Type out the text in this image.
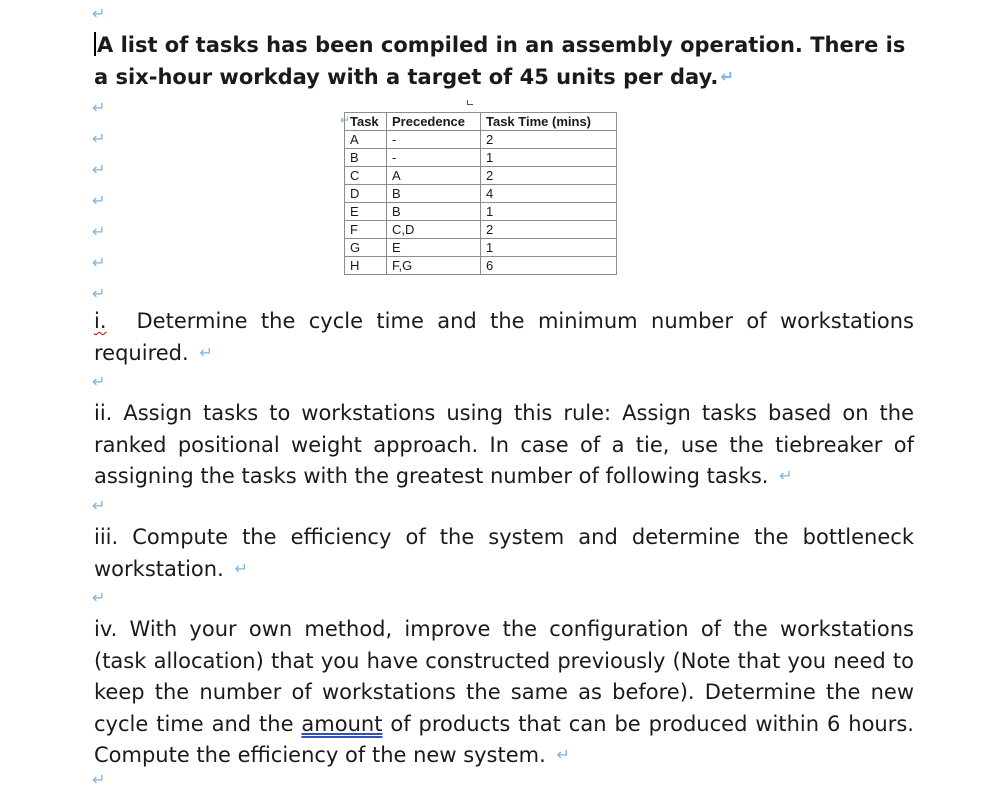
↵
A list of tasks has been compiled in an assembly operation. There is a six-hour workday with a target of 45 units per day.↵
↵
↵
↵
↵
↵
↵
↵
↵
Task	Precedence	Task Time (mins)
A	-	2
B	-	1
C	A	2
D	B	4
E	B	1
F	C,D	2
G	E	1
H	F,G	6
i. Determine the cycle time and the minimum number of workstations required. ↵
↵
ii. Assign tasks to workstations using this rule: Assign tasks based on the ranked positional weight approach. In case of a tie, use the tiebreaker of assigning the tasks with the greatest number of following tasks. ↵
↵
iii. Compute the efficiency of the system and determine the bottleneck workstation. ↵
↵
iv. With your own method, improve the configuration of the workstations (task allocation) that you have constructed previously (Note that you need to keep the number of workstations the same as before). Determine the new cycle time and the amount of products that can be produced within 6 hours. Compute the efficiency of the new system. ↵
↵
